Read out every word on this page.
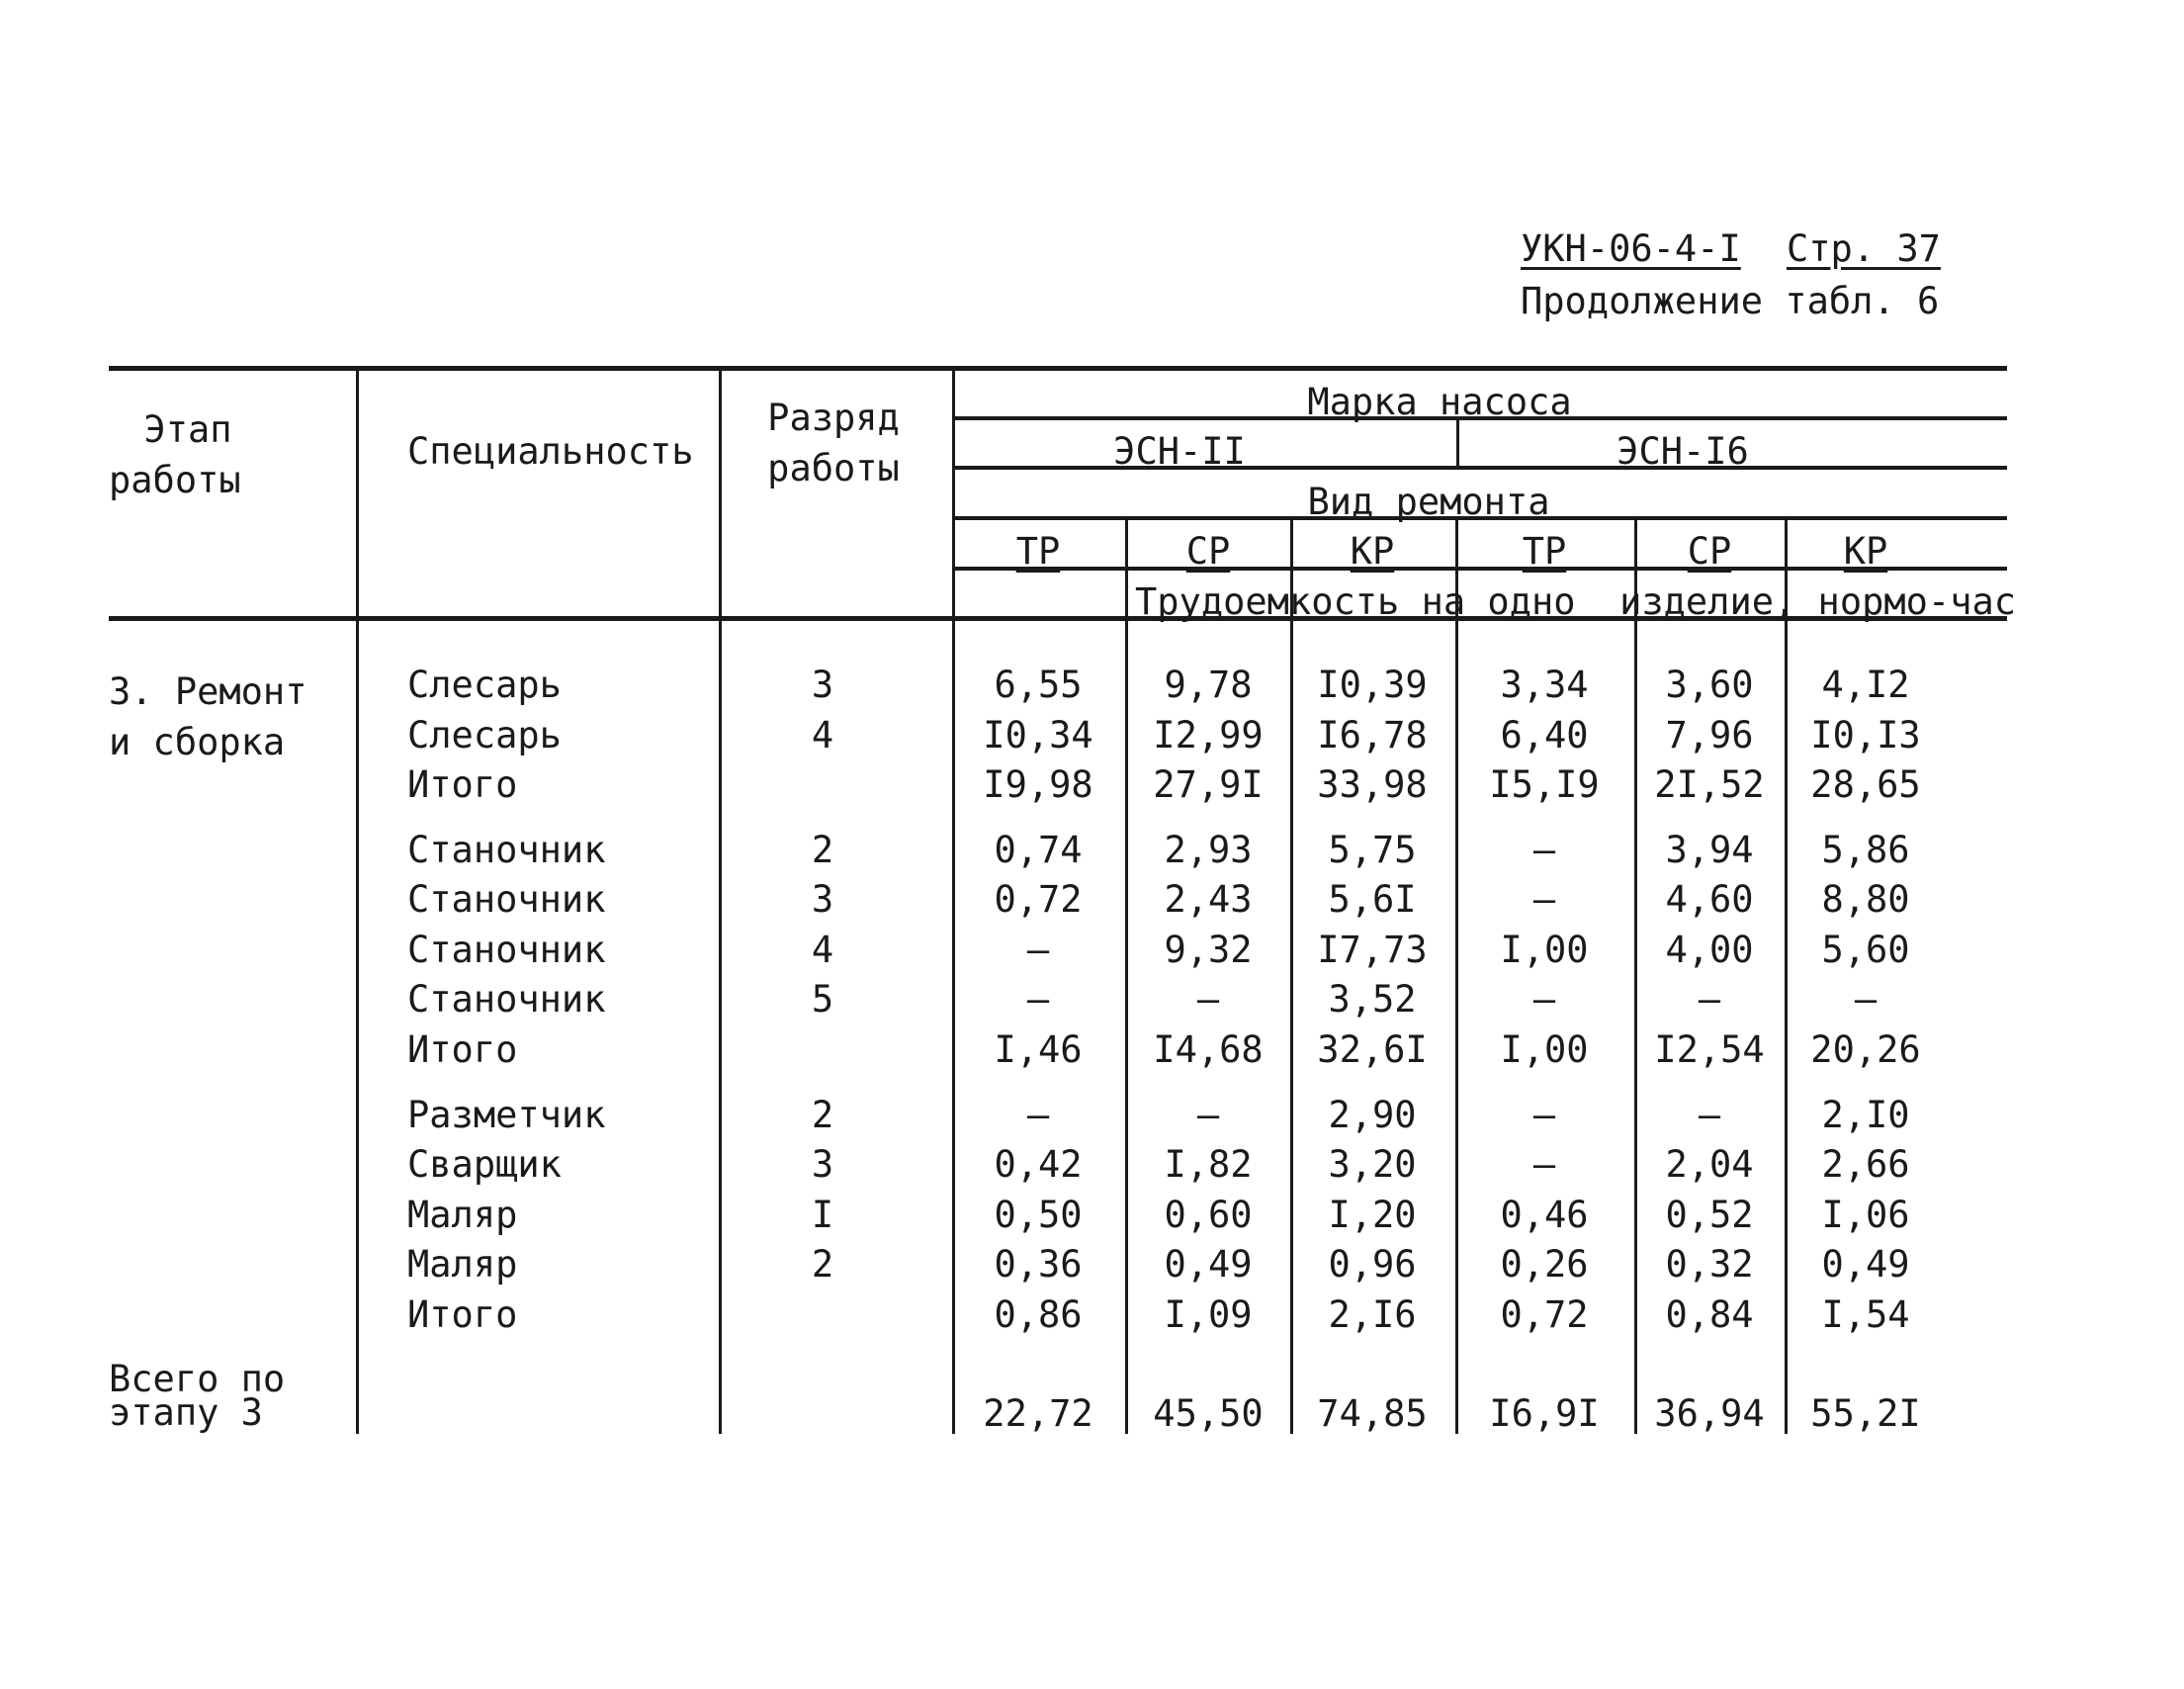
УКН-06-4-I Стр. 37
Продолжение табл. 6
Этап
работы
Специальность
Разряд
работы
Марка насоса
ЭСН-II	ЭСН-I6
Вид ремонта
ТР	СР	КР	ТР	СР	КР
Трудоемкость на одно  изделие, нормо-час
3. Ремонт
и сборка
Слесарь	3	6,55 9,78 I0,39 3,34 3,60 4,I2
Слесарь	4	I0,34 I2,99 I6,78 6,40 7,96 I0,I3
Итого	I9,98 27,9I 33,98 I5,I9 2I,52 28,65
Станочник	2	0,74 2,93 5,75	–	3,94 5,86
Станочник	3	0,72 2,43 5,6I	–	4,60 8,80
Станочник	4	–	9,32 I7,73 I,00 4,00 5,60
Станочник	5	–	–	3,52	–	–	–
Итого	I,46 I4,68 32,6I I,00 I2,54 20,26
Разметчик	2	–	–	2,90	–	–	2,I0
Сварщик	3	0,42 I,82 3,20	–	2,04 2,66
Маляр	I	0,50 0,60 I,20 0,46 0,52 I,06
Маляр	2	0,36 0,49 0,96 0,26 0,32 0,49
Итого	0,86 I,09 2,I6 0,72 0,84 I,54
Всего по
этапу 3	22,72 45,50 74,85 I6,9I 36,94 55,2I
